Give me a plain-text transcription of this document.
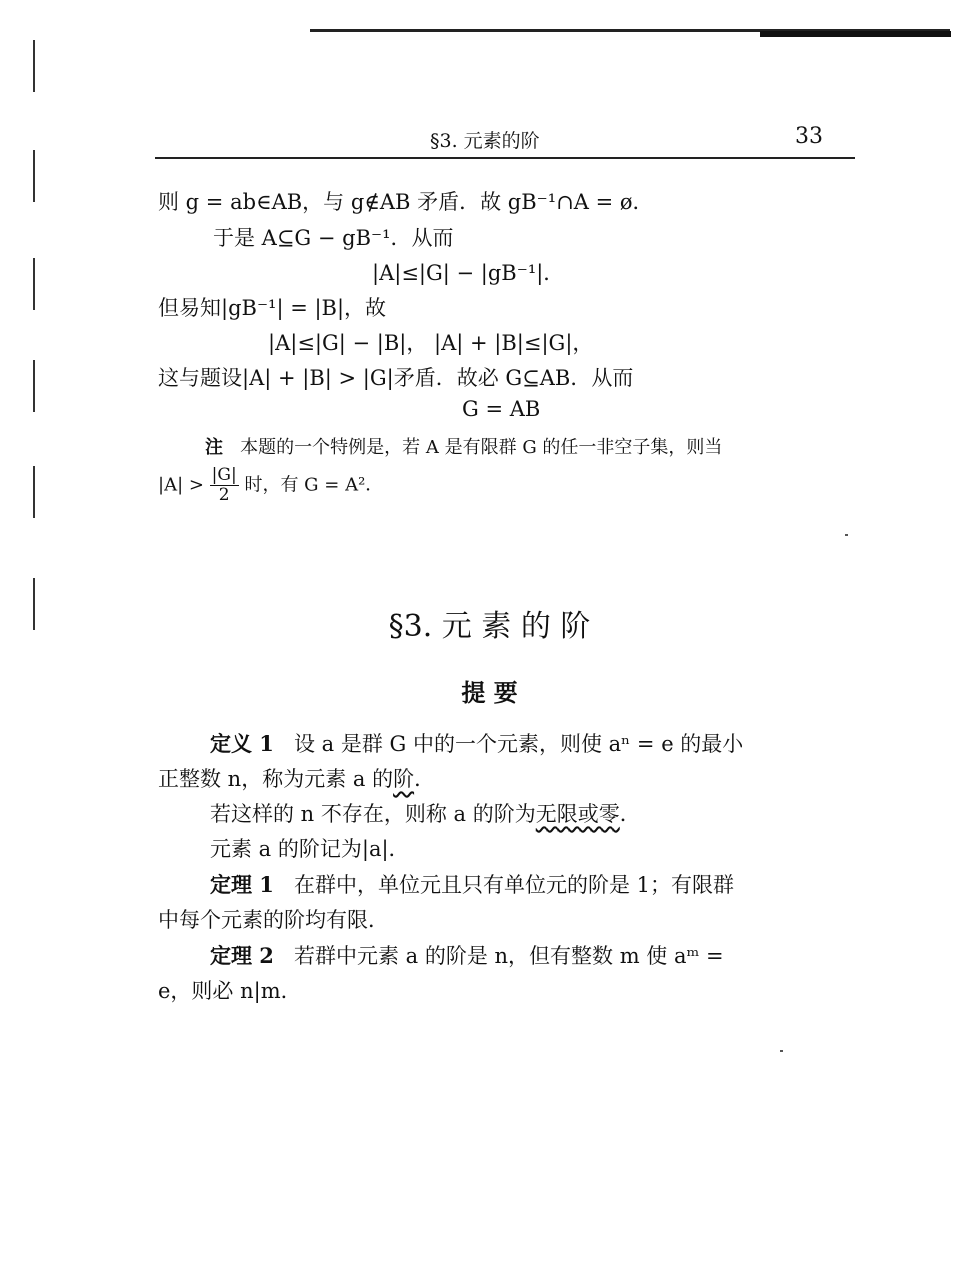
§3. 元素的阶	33
则 g = ab∈AB，与 g∉AB 矛盾．故 gB⁻¹∩A = ø．
于是 A⊆G − gB⁻¹．从而
|A|≤|G| − |gB⁻¹|．
但易知|gB⁻¹| = |B|，故
|A|≤|G| − |B|， |A| + |B|≤|G|，
这与题设|A| + |B| > |G|矛盾．故必 G⊆AB．从而
G = AB
注 本题的一个特例是，若 A 是有限群 G 的任一非空子集，则当
$|A| > \frac{|G|}{2}$ 时，有 G = A²．
§3. 元 素 的 阶
提 要
定义 1 设 a 是群 G 中的一个元素，则使 aⁿ = e 的最小
正整数 n，称为元素 a 的阶．
若这样的 n 不存在，则称 a 的阶为无限或零．
元素 a 的阶记为|a|．
定理 1 在群中，单位元且只有单位元的阶是 1；有限群
中每个元素的阶均有限．
定理 2 若群中元素 a 的阶是 n，但有整数 m 使 aᵐ =
e，则必 n|m．
